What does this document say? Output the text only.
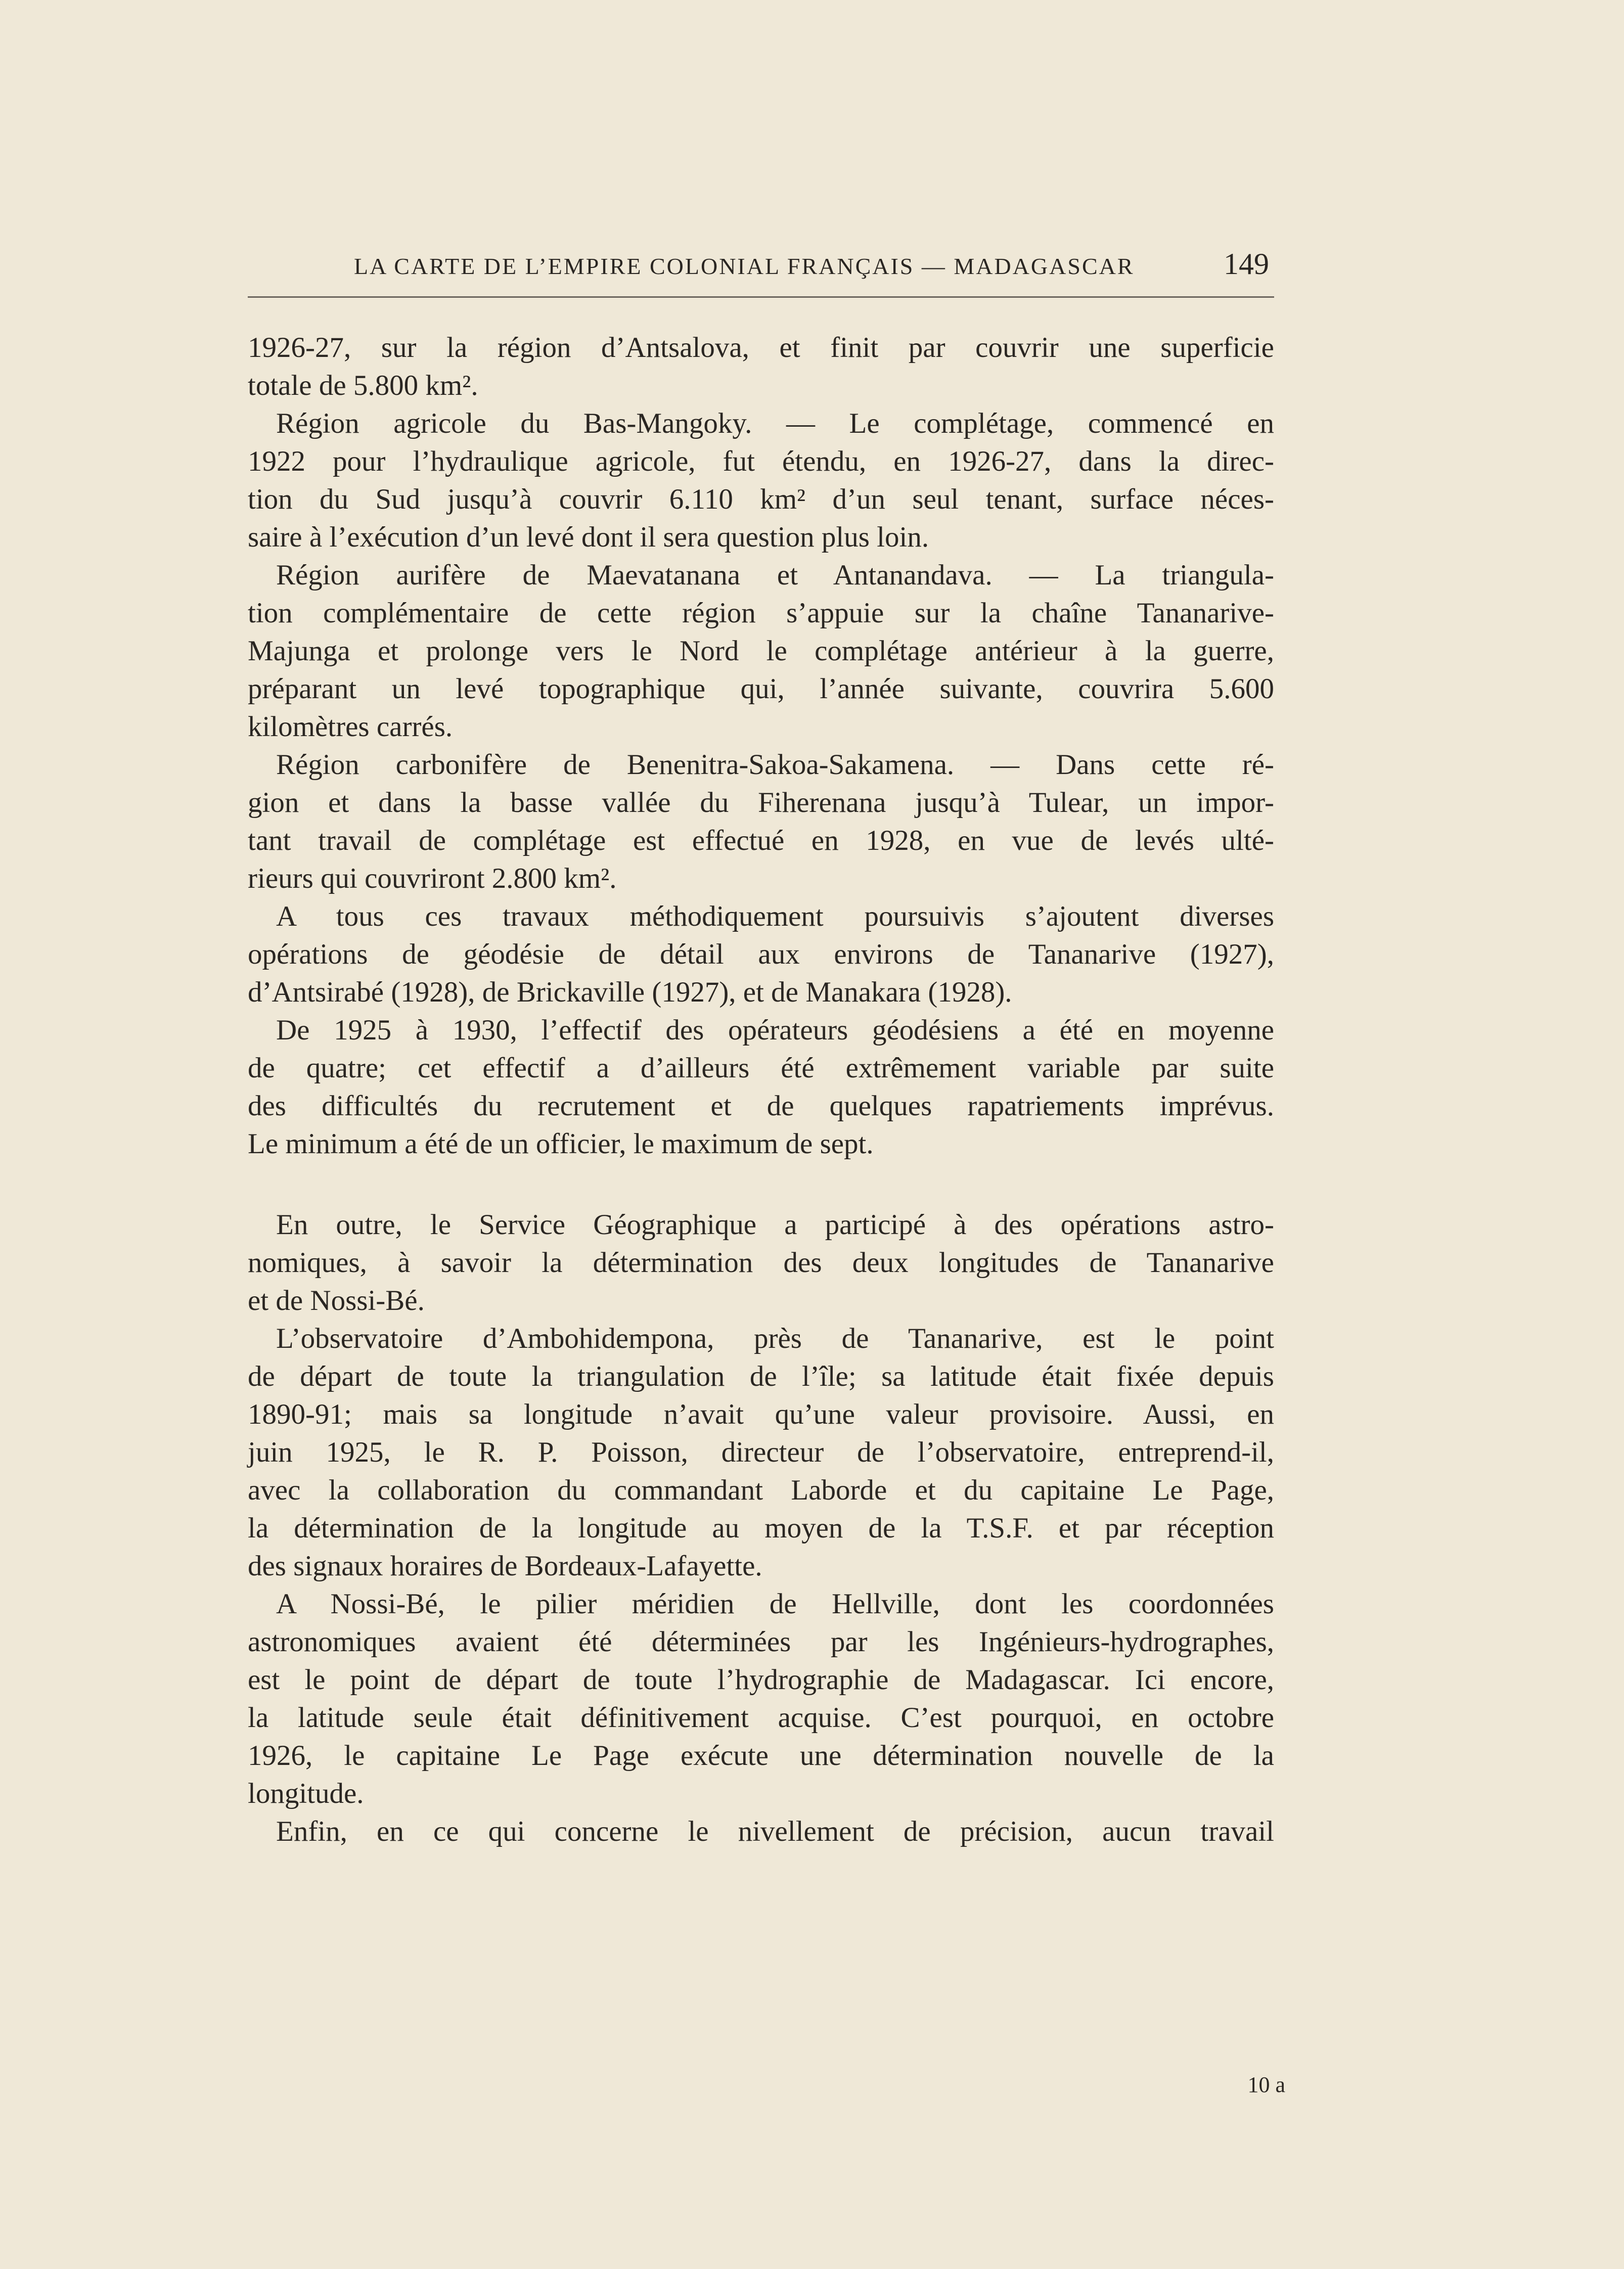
LA CARTE DE L’EMPIRE COLONIAL FRANÇAIS — MADAGASCAR	149
1926-27, sur la région d’Antsalova, et finit par couvrir une superficie
totale de 5.800 km².
Région agricole du Bas-Mangoky. — Le complétage, commencé en
1922 pour l’hydraulique agricole, fut étendu, en 1926-27, dans la direc-
tion du Sud jusqu’à couvrir 6.110 km² d’un seul tenant, surface néces-
saire à l’exécution d’un levé dont il sera question plus loin.
Région aurifère de Maevatanana et Antanandava. — La triangula-
tion complémentaire de cette région s’appuie sur la chaîne Tananarive-
Majunga et prolonge vers le Nord le complétage antérieur à la guerre,
préparant un levé topographique qui, l’année suivante, couvrira 5.600
kilomètres carrés.
Région carbonifère de Benenitra-Sakoa-Sakamena. — Dans cette ré-
gion et dans la basse vallée du Fiherenana jusqu’à Tulear, un impor-
tant travail de complétage est effectué en 1928, en vue de levés ulté-
rieurs qui couvriront 2.800 km².
A tous ces travaux méthodiquement poursuivis s’ajoutent diverses
opérations de géodésie de détail aux environs de Tananarive (1927),
d’Antsirabé (1928), de Brickaville (1927), et de Manakara (1928).
De 1925 à 1930, l’effectif des opérateurs géodésiens a été en moyenne
de quatre; cet effectif a d’ailleurs été extrêmement variable par suite
des difficultés du recrutement et de quelques rapatriements imprévus.
Le minimum a été de un officier, le maximum de sept.
En outre, le Service Géographique a participé à des opérations astro-
nomiques, à savoir la détermination des deux longitudes de Tananarive
et de Nossi-Bé.
L’observatoire d’Ambohidempona, près de Tananarive, est le point
de départ de toute la triangulation de l’île; sa latitude était fixée depuis
1890-91; mais sa longitude n’avait qu’une valeur provisoire. Aussi, en
juin 1925, le R. P. Poisson, directeur de l’observatoire, entreprend-il,
avec la collaboration du commandant Laborde et du capitaine Le Page,
la détermination de la longitude au moyen de la T.S.F. et par réception
des signaux horaires de Bordeaux-Lafayette.
A Nossi-Bé, le pilier méridien de Hellville, dont les coordonnées
astronomiques avaient été déterminées par les Ingénieurs-hydrographes,
est le point de départ de toute l’hydrographie de Madagascar. Ici encore,
la latitude seule était définitivement acquise. C’est pourquoi, en octobre
1926, le capitaine Le Page exécute une détermination nouvelle de la
longitude.
Enfin, en ce qui concerne le nivellement de précision, aucun travail
10 a
